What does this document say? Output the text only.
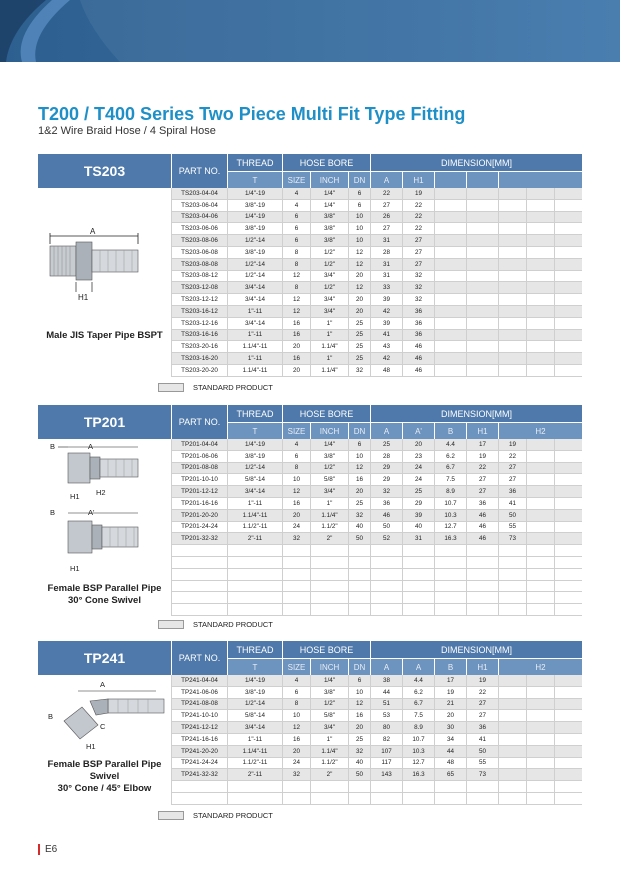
T200 / T400 Series Two Piece Multi Fit Type Fitting
1&2 Wire Braid Hose / 4 Spiral Hose
TS203
A
H1
Male JIS Taper Pipe BSPT
PART NO.
THREAD	HOSE BORE	DIMENSION[MM]
T	SIZE	INCH	DN	A	H1
TS203-04-04	1/4"-19	4	1/4"	6	22	19
TS203-06-04	3/8"-19	4	1/4"	6	27	22
TS203-04-06	1/4"-19	6	3/8"	10	26	22
TS203-06-06	3/8"-19	6	3/8"	10	27	22
TS203-08-06	1/2"-14	6	3/8"	10	31	27
TS203-06-08	3/8"-19	8	1/2"	12	28	27
TS203-08-08	1/2"-14	8	1/2"	12	31	27
TS203-08-12	1/2"-14	12	3/4"	20	31	32
TS203-12-08	3/4"-14	8	1/2"	12	33	32
TS203-12-12	3/4"-14	12	3/4"	20	39	32
TS203-16-12	1"-11	12	3/4"	20	42	36
TS203-12-16	3/4"-14	16	1"	25	39	36
TS203-16-16	1"-11	16	1"	25	41	36
TS203-20-16	1.1/4"-11	20	1.1/4"	25	43	46
TS203-16-20	1"-11	16	1"	25	42	46
TS203-20-20	1.1/4"-11	20	1.1/4"	32	48	46
STANDARD PRODUCT
TP201
B	A
H1 H2
B	A'
H1
Female BSP Parallel Pipe
30° Cone Swivel
PART NO.
THREAD	HOSE BORE	DIMENSION[MM]
T	SIZE	INCH	DN	A	A'	B	H1	H2
TP201-04-04	1/4"-19	4	1/4"	6	25	20	4.4	17	19
TP201-06-06	3/8"-19	6	3/8"	10	28	23	6.2	19	22
TP201-08-08	1/2"-14	8	1/2"	12	29	24	6.7	22	27
TP201-10-10	5/8"-14	10	5/8"	16	29	24	7.5	27	27
TP201-12-12	3/4"-14	12	3/4"	20	32	25	8.9	27	36
TP201-16-16	1"-11	16	1"	25	36	29	10.7	36	41
TP201-20-20	1.1/4"-11	20	1.1/4"	32	46	39	10.3	46	50
TP201-24-24	1.1/2"-11	24	1.1/2"	40	50	40	12.7	46	55
TP201-32-32	2"-11	32	2"	50	52	31	16.3	46	73
STANDARD PRODUCT
TP241
A
B
C
H1
Female BSP Parallel Pipe
Swivel
30° Cone / 45° Elbow
PART NO.
THREAD	HOSE BORE	DIMENSION[MM]
T	SIZE	INCH	DN	A	A	B	H1	H2
TP241-04-04	1/4"-19	4	1/4"	6	38	4.4	17	19
TP241-06-06	3/8"-19	6	3/8"	10	44	6.2	19	22
TP241-08-08	1/2"-14	8	1/2"	12	51	6.7	21	27
TP241-10-10	5/8"-14	10	5/8"	16	53	7.5	20	27
TP241-12-12	3/4"-14	12	3/4"	20	80	8.9	30	36
TP241-16-16	1"-11	16	1"	25	82	10.7	34	41
TP241-20-20	1.1/4"-11	20	1.1/4"	32	107	10.3	44	50
TP241-24-24	1.1/2"-11	24	1.1/2"	40	117	12.7	48	55
TP241-32-32	2"-11	32	2"	50	143	16.3	65	73
STANDARD PRODUCT
E6
